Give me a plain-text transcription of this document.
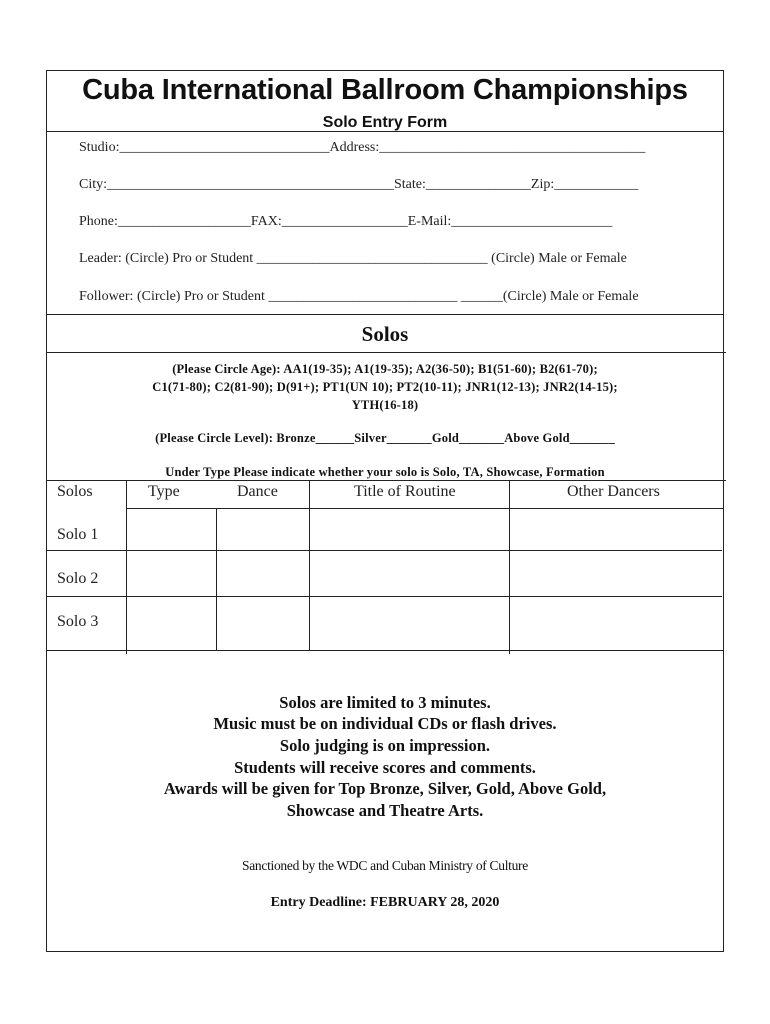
Cuba International Ballroom Championships
Solo Entry Form
Studio:______________________________Address:______________________________________
City:_________________________________________State:_______________Zip:____________
Phone:___________________FAX:__________________E-Mail:_______________________
Leader: (Circle) Pro or Student _________________________________ (Circle) Male or Female
Follower: (Circle) Pro or Student ___________________________ ______(Circle) Male or Female
Solos
(Please Circle Age): AA1(19-35); A1(19-35); A2(36-50); B1(51-60); B2(61-70);
C1(71-80); C2(81-90); D(91+); PT1(UN 10); PT2(10-11); JNR1(12-13); JNR2(14-15);
YTH(16-18)
(Please Circle Level): Bronze______Silver_______Gold_______Above Gold_______
Under Type Please indicate whether your solo is Solo, TA, Showcase, Formation
Solos	Type	Dance	Title of Routine	Other Dancers
Solo 1
Solo 2
Solo 3
Solos are limited to 3 minutes.
Music must be on individual CDs or flash drives.
Solo judging is on impression.
Students will receive scores and comments.
Awards will be given for Top Bronze, Silver, Gold, Above Gold,
Showcase and Theatre Arts.
Sanctioned by the WDC and Cuban Ministry of Culture
Entry Deadline: FEBRUARY 28, 2020
